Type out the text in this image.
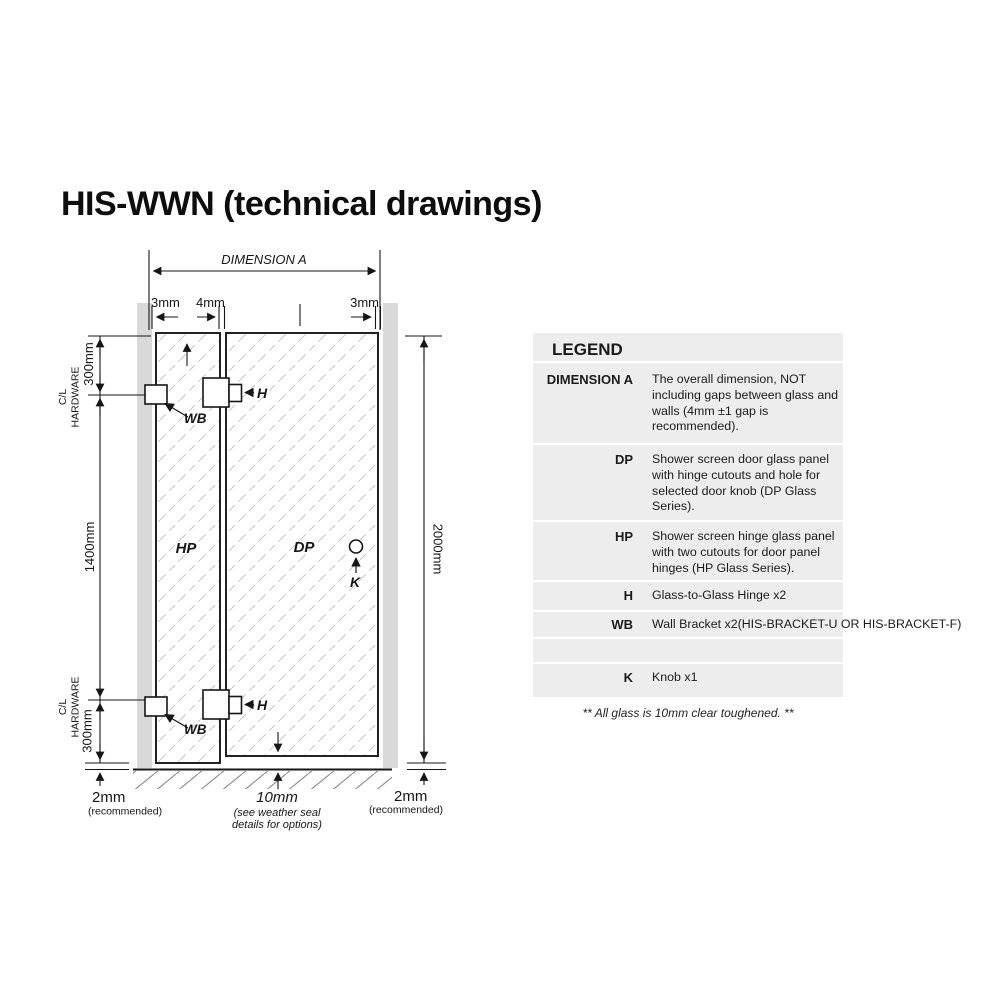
HIS-WWN (technical drawings)
DIMENSION A
3mm 4mm	3mm
C/L HARDWARE
300mm
1400mm
C/L HARDWARE
300mm
2000mm
WB
WB
H
H
K
HP	DP
2mm
(recommended)
10mm
(see weather seal
details for options)
2mm
(recommended)
LEGEND
DIMENSION A The overall dimension, NOT including gaps between glass and walls (4mm ±1 gap is recommended).
DP Shower screen door glass panel with hinge cutouts and hole for selected door knob (DP Glass Series).
HP Shower screen hinge glass panel with two cutouts for door panel hinges (HP Glass Series).
H Glass-to-Glass Hinge x2
WB Wall Bracket x2(HIS-BRACKET-U OR HIS-BRACKET-F)
K Knob x1
** All glass is 10mm clear toughened. **
